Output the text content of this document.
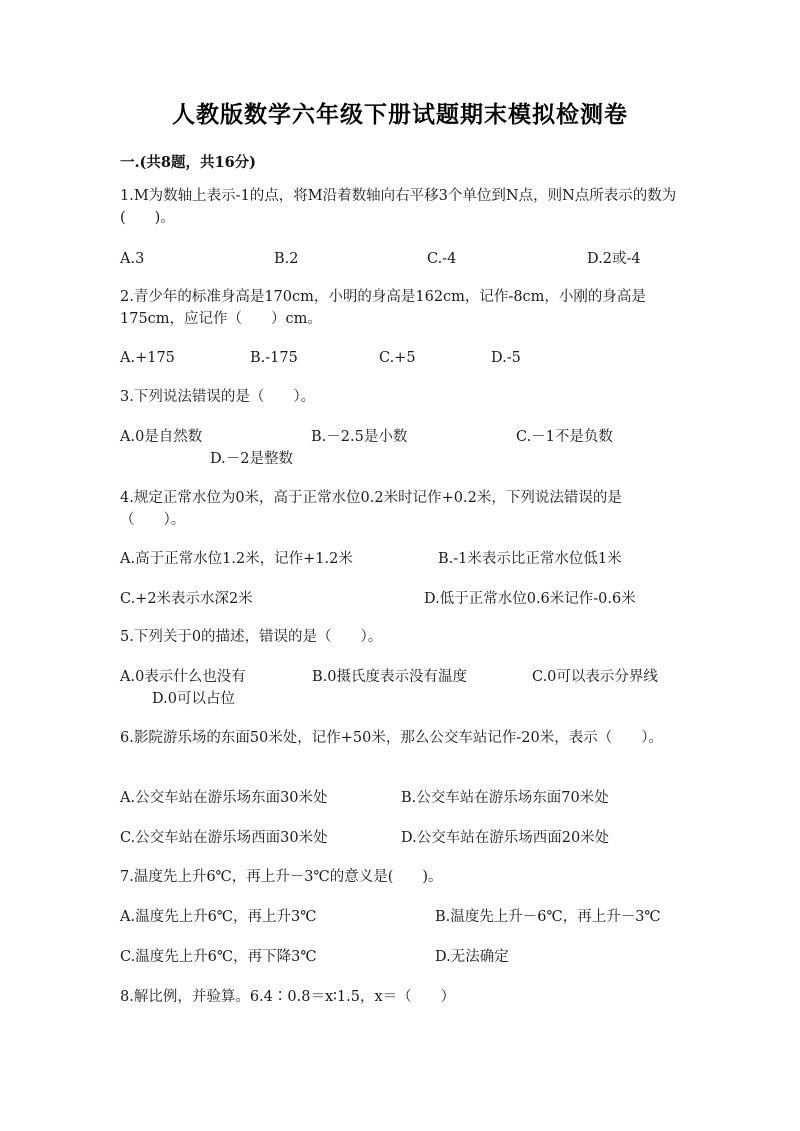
人教版数学六年级下册试题期末模拟检测卷
一.(共8题，共16分)
1.M为数轴上表示-1的点，将M沿着数轴向右平移3个单位到N点，则N点所表示的数为(　　)。
A.3	B.2	C.-4	D.2或-4
2.青少年的标准身高是170cm，小明的身高是162cm，记作-8cm，小刚的身高是175cm，应记作（　　）cm。
A.+175	B.-175	C.+5	D.-5
3.下列说法错误的是（　　）。
A.0是自然数	B.－2.5是小数	C.－1不是负数
D.－2是整数
4.规定正常水位为0米，高于正常水位0.2米时记作+0.2米，下列说法错误的是（　　）。
A.高于正常水位1.2米，记作+1.2米	B.-1米表示比正常水位低1米
C.+2米表示水深2米	D.低于正常水位0.6米记作-0.6米
5.下列关于0的描述，错误的是（　　）。
A.0表示什么也没有	B.0摄氏度表示没有温度	C.0可以表示分界线
D.0可以占位
6.影院游乐场的东面50米处，记作+50米，那么公交车站记作-20米，表示（　　）。
A.公交车站在游乐场东面30米处	B.公交车站在游乐场东面70米处
C.公交车站在游乐场西面30米处	D.公交车站在游乐场西面20米处
7.温度先上升6℃，再上升－3℃的意义是(　　)。
A.温度先上升6℃，再上升3℃	B.温度先上升－6℃，再上升－3℃
C.温度先上升6℃，再下降3℃	D.无法确定
8.解比例，并验算。6.4∶0.8＝x∶1.5，x＝（　　）
